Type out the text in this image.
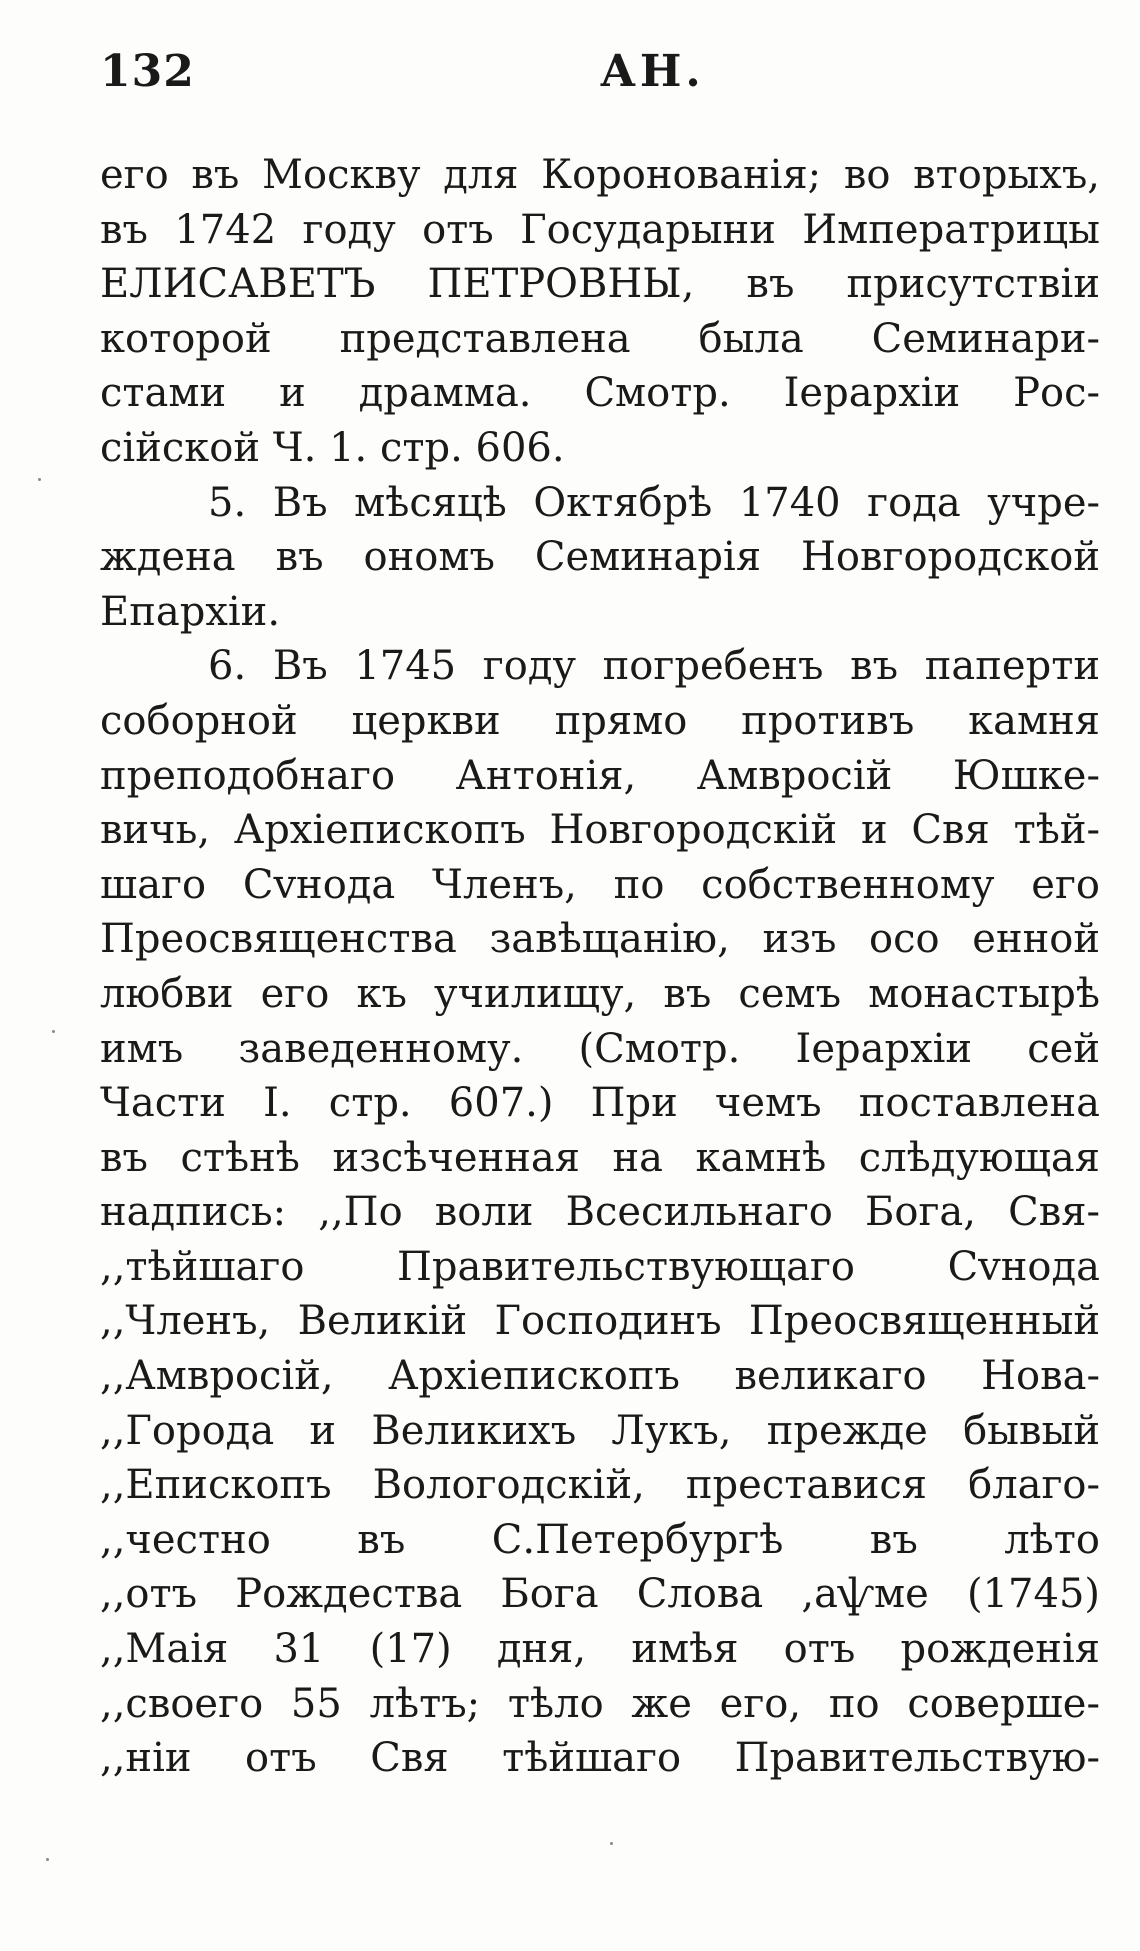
132	АН.
его въ Москву для Коронованія; во вторыхъ,
въ 1742 году отъ Государыни Императрицы
ЕЛИСАВЕТЪ ПЕТРОВНЫ, въ присутствіи
которой представлена была Семинари-
стами и драмма. Смотр. Іерархіи Рос-
сійской Ч. 1. стр. 606.
5. Въ мѣсяцѣ Октябрѣ 1740 года учре-
ждена въ ономъ Семинарія Новгородской
Епархіи.
6. Въ 1745 году погребенъ въ паперти
соборной церкви прямо противъ камня
преподобнаго Антонія, Амвросій Юшке-
вичь, Архіепископъ Новгородскій и Свя тѣй-
шаго Сvнода Членъ, по собственному его
Преосвященства завѣщанію, изъ осо енной
любви его къ училищу, въ семъ монастырѣ
имъ заведенному. (Смотр. Іерархіи сей
Части I. стр. 607.) При чемъ поставлена
въ стѣнѣ изсѣченная на камнѣ слѣдующая
надпись: ,,По воли Всесильнаго Бога, Свя-
,,тѣйшаго Правительствующаго Сvнода
,,Членъ, Великій Господинъ Преосвященный
,,Амвросій, Архіепископъ великаго Нова-
,,Города и Великихъ Лукъ, прежде бывый
,,Епископъ Вологодскій, преставися благо-
,,честно въ С.Петербургѣ въ лѣто
,,отъ Рождества Бога Слова ,аѱме (1745)
,,Маія 31 (17) дня, имѣя отъ рожденія
,,своего 55 лѣтъ; тѣло же его, по соверше-
,,ніи отъ Свя тѣйшаго Правительствую-
